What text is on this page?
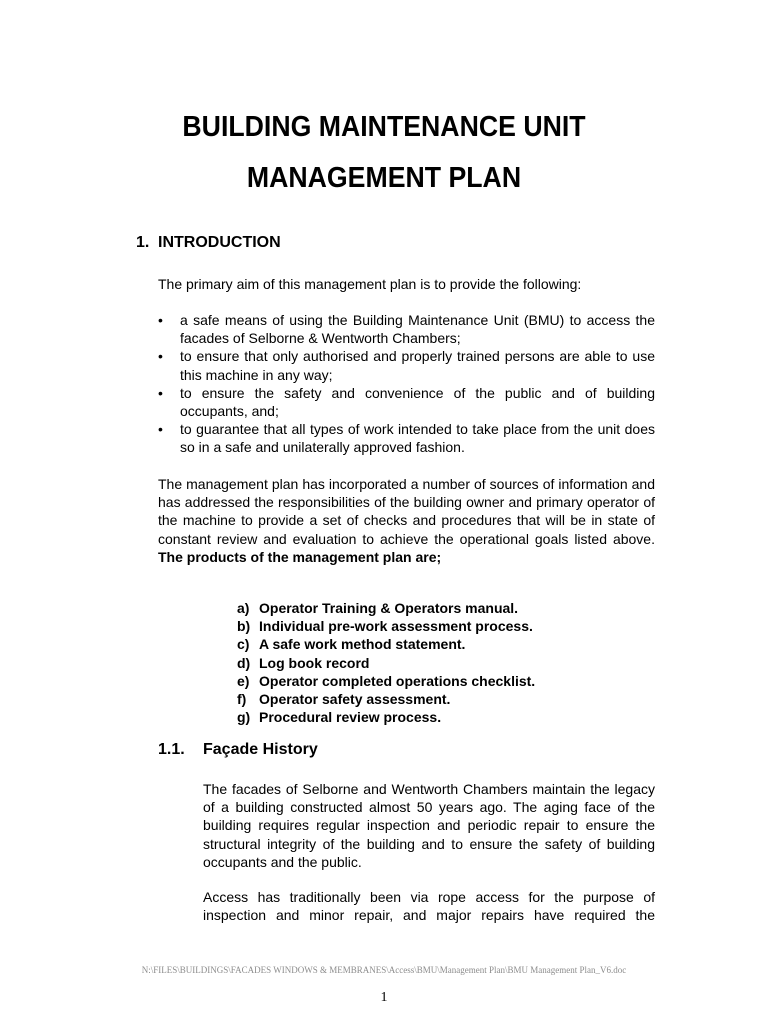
BUILDING MAINTENANCE UNIT
MANAGEMENT PLAN
1. INTRODUCTION
The primary aim of this management plan is to provide the following:
•	a safe means of using the Building Maintenance Unit (BMU) to access the facades of Selborne & Wentworth Chambers;
•	to ensure that only authorised and properly trained persons are able to use this machine in any way;
•	to ensure the safety and convenience of the public and of building occupants, and;
•	to guarantee that all types of work intended to take place from the unit does so in a safe and unilaterally approved fashion.
The management plan has incorporated a number of sources of information and has addressed the responsibilities of the building owner and primary operator of the machine to provide a set of checks and procedures that will be in state of constant review and evaluation to achieve the operational goals listed above. The products of the management plan are;
a) Operator Training & Operators manual.
b) Individual pre-work assessment process.
c) A safe work method statement.
d) Log book record
e) Operator completed operations checklist.
f) Operator safety assessment.
g) Procedural review process.
1.1. Façade History
The facades of Selborne and Wentworth Chambers maintain the legacy of a building constructed almost 50 years ago. The aging face of the building requires regular inspection and periodic repair to ensure the structural integrity of the building and to ensure the safety of building occupants and the public.
Access has traditionally been via rope access for the purpose of inspection and minor repair, and major repairs have required the
N:\FILES\BUILDINGS\FACADES WINDOWS & MEMBRANES\Access\BMU\Management Plan\BMU Management Plan_V6.doc
1
